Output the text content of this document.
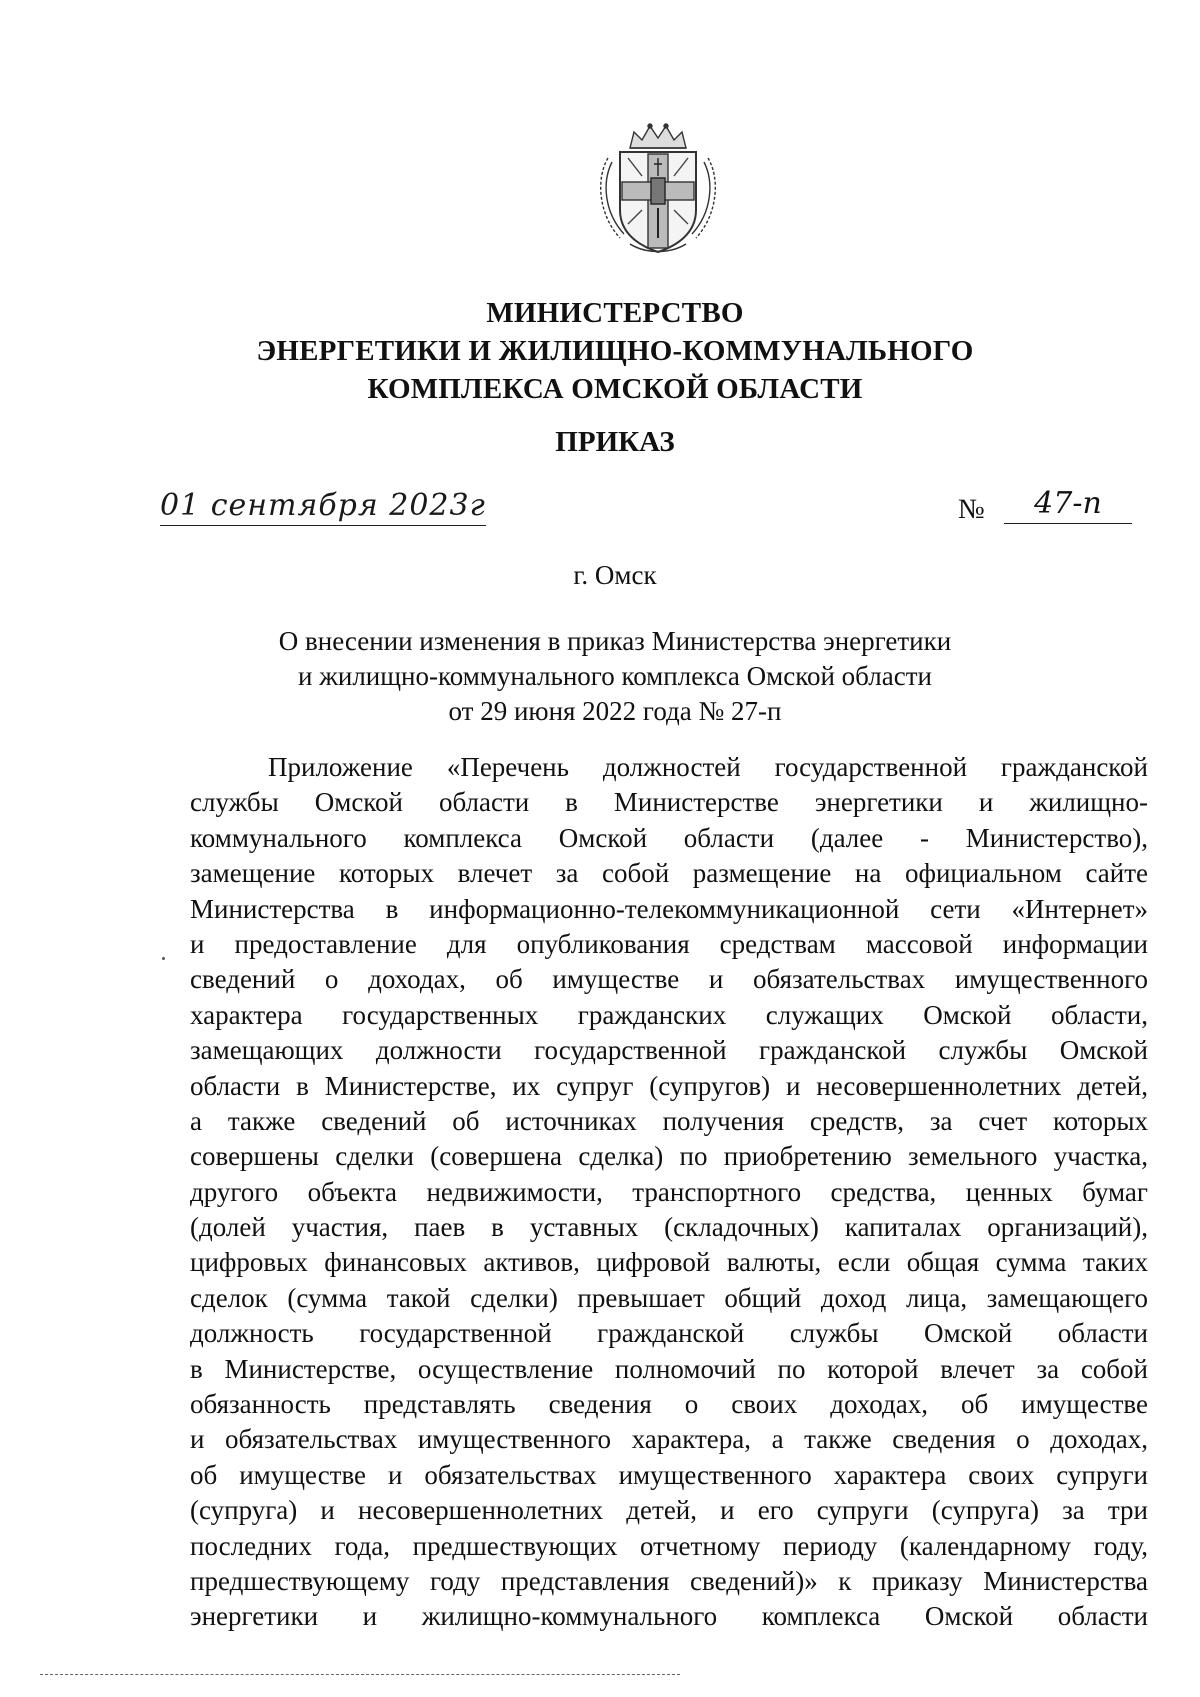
МИНИСТЕРСТВО
ЭНЕРГЕТИКИ И ЖИЛИЩНО-КОММУНАЛЬНОГО
КОМПЛЕКСА ОМСКОЙ ОБЛАСТИ
ПРИКАЗ
01 сентября 2023г	№	47-п
г. Омск
О внесении изменения в приказ Министерства энергетики
и жилищно-коммунального комплекса Омской области
от 29 июня 2022 года № 27-п
Приложение «Перечень должностей государственной гражданской
службы Омской области в Министерстве энергетики и жилищно-
коммунального комплекса Омской области (далее - Министерство),
замещение которых влечет за собой размещение на официальном сайте
Министерства в информационно-телекоммуникационной сети «Интернет»
и предоставление для опубликования средствам массовой информации
сведений о доходах, об имуществе и обязательствах имущественного
характера государственных гражданских служащих Омской области,
замещающих должности государственной гражданской службы Омской
области в Министерстве, их супруг (супругов) и несовершеннолетних детей,
а также сведений об источниках получения средств, за счет которых
совершены сделки (совершена сделка) по приобретению земельного участка,
другого объекта недвижимости, транспортного средства, ценных бумаг
(долей участия, паев в уставных (складочных) капиталах организаций),
цифровых финансовых активов, цифровой валюты, если общая сумма таких
сделок (сумма такой сделки) превышает общий доход лица, замещающего
должность государственной гражданской службы Омской области
в Министерстве, осуществление полномочий по которой влечет за собой
обязанность представлять сведения о своих доходах, об имуществе
и обязательствах имущественного характера, а также сведения о доходах,
об имуществе и обязательствах имущественного характера своих супруги
(супруга) и несовершеннолетних детей, и его супруги (супруга) за три
последних года, предшествующих отчетному периоду (календарному году,
предшествующему году представления сведений)» к приказу Министерства
энергетики и жилищно-коммунального комплекса Омской области
